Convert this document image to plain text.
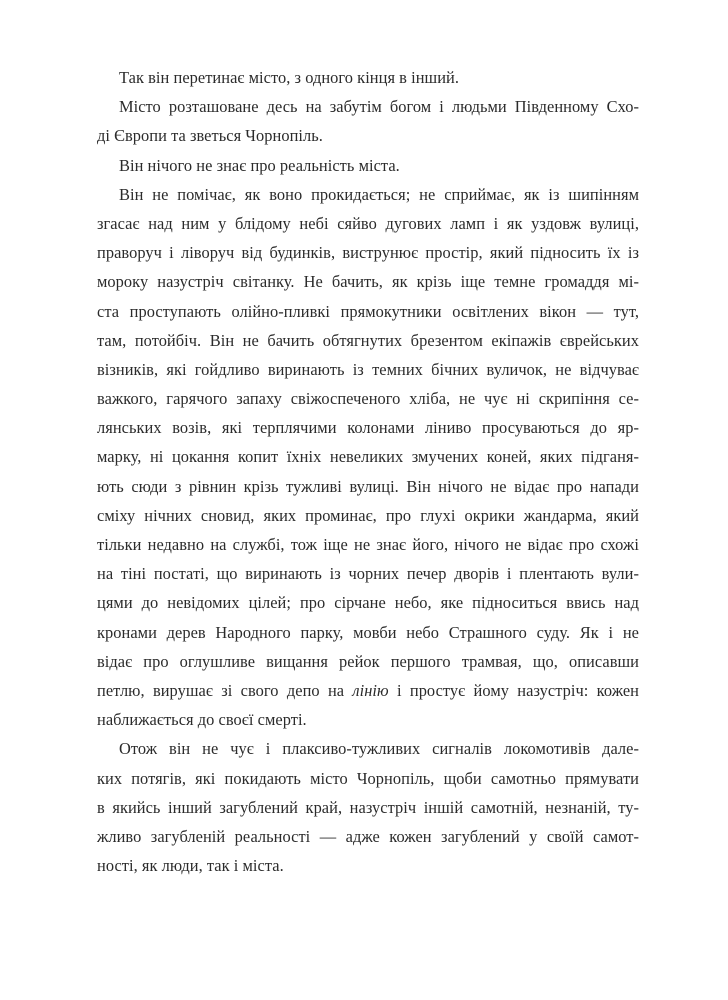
Так він перетинає місто, з одного кінця в інший.
Місто розташоване десь на забутім богом і людьми Південному Схо-
ді Європи та зветься Чорнопіль.
Він нічого не знає про реальність міста.
Він не помічає, як воно прокидається; не сприймає, як із шипінням
згасає над ним у блідому небі сяйво дугових ламп і як уздовж вулиці,
праворуч і ліворуч від будинків, виструнює простір, який підносить їх із
мороку назустріч світанку. Не бачить, як крізь іще темне громаддя мі-
ста проступають олійно-пливкі прямокутники освітлених вікон — тут,
там, потойбіч. Він не бачить обтягнутих брезентом екіпажів єврейських
візників, які гойдливо виринають із темних бічних вуличок, не відчуває
важкого, гарячого запаху свіжоспеченого хліба, не чує ні скрипіння се-
лянських возів, які терплячими колонами ліниво просуваються до яр-
марку, ні цокання копит їхніх невеликих змучених коней, яких підганя-
ють сюди з рівнин крізь тужливі вулиці. Він нічого не відає про напади
сміху нічних сновид, яких проминає, про глухі окрики жандарма, який
тільки недавно на службі, тож іще не знає його, нічого не відає про схожі
на тіні постаті, що виринають із чорних печер дворів і плентають вули-
цями до невідомих цілей; про сірчане небо, яке підноситься ввись над
кронами дерев Народного парку, мовби небо Страшного суду. Як і не
відає про оглушливе вищання рейок першого трамвая, що, описавши
петлю, вирушає зі свого депо на лінію і простує йому назустріч: кожен
наближається до своєї смерті.
Отож він не чує і плаксиво-тужливих сигналів локомотивів далe-
ких потягів, які покидають місто Чорнопіль, щоби самотньо прямувати
в якийсь інший загублений край, назустріч іншій самотній, незнаній, ту-
жливо загубленій реальності — адже кожен загублений у своїй самот-
ності, як люди, так і міста.
